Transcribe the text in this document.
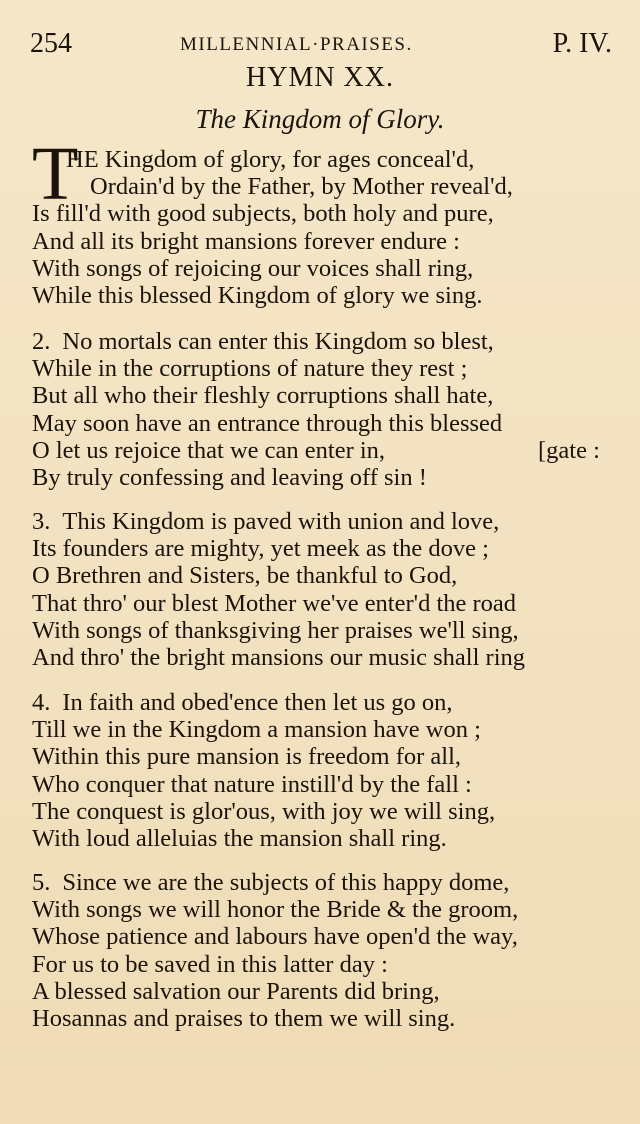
254	MILLENNIAL·PRAISES.	P. IV.
HYMN XX.
The Kingdom of Glory.
T
HE Kingdom of glory, for ages conceal'd,
Ordain'd by the Father, by Mother reveal'd,
Is fill'd with good subjects, both holy and pure,
And all its bright mansions forever endure :
With songs of rejoicing our voices shall ring,
While this blessed Kingdom of glory we sing.
2. No mortals can enter this Kingdom so blest,
While in the corruptions of nature they rest ;
But all who their fleshly corruptions shall hate,
May soon have an entrance through this blessed
O let us rejoice that we can enter in,	[gate :
By truly confessing and leaving off sin !
3. This Kingdom is paved with union and love,
Its founders are mighty, yet meek as the dove ;
O Brethren and Sisters, be thankful to God,
That thro' our blest Mother we've enter'd the road
With songs of thanksgiving her praises we'll sing,
And thro' the bright mansions our music shall ring
4. In faith and obed'ence then let us go on,
Till we in the Kingdom a mansion have won ;
Within this pure mansion is freedom for all,
Who conquer that nature instill'd by the fall :
The conquest is glor'ous, with joy we will sing,
With loud alleluias the mansion shall ring.
5. Since we are the subjects of this happy dome,
With songs we will honor the Bride & the groom,
Whose patience and labours have open'd the way,
For us to be saved in this latter day :
A blessed salvation our Parents did bring,
Hosannas and praises to them we will sing.
